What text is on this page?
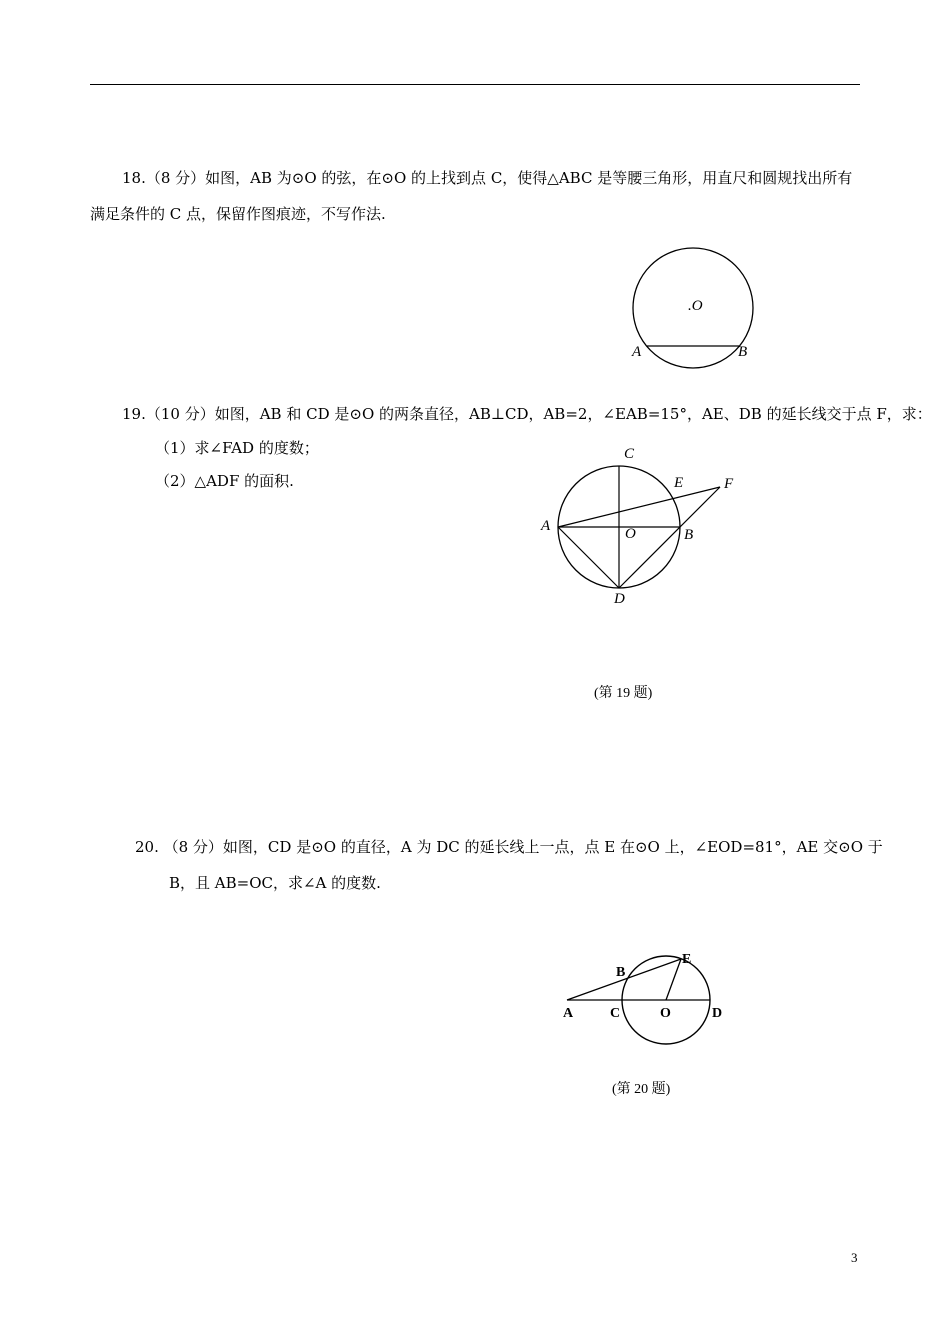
18.（8 分）如图，AB 为⊙O 的弦，在⊙O 的上找到点 C，使得△ABC 是等腰三角形，用直尺和圆规找出所有
满足条件的 C 点，保留作图痕迹，不写作法.
.O
A	B
19.（10 分）如图，AB 和 CD 是⊙O 的两条直径，AB⊥CD，AB=2，∠EAB=15°，AE、DB 的延长线交于点 F，求：
（1）求∠FAD 的度数；
（2）△ADF 的面积.
C
E	F
A	O	B
D
(第 19 题)
20. （8 分）如图，CD 是⊙O 的直径，A 为 DC 的延长线上一点，点 E 在⊙O 上，∠EOD=81°，AE 交⊙O 于
B，且 AB=OC，求∠A 的度数.
A
B
C	O	D
E
(第 20 题)
3
